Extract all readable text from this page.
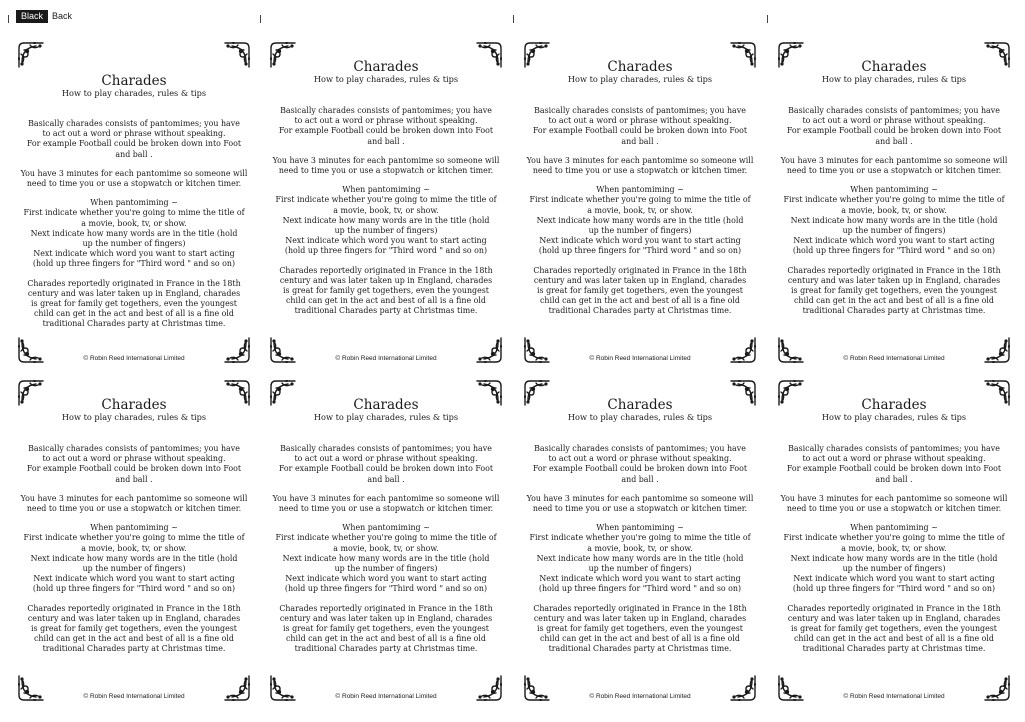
Black Back
Charades
How to play charades, rules & tips

Basically charades consists of pantomimes; you have
to act out a word or phrase without speaking.
For example Football could be broken down into Foot
and ball .

You have 3 minutes for each pantomime so someone will
need to time you or use a stopwatch or kitchen timer.

When pantomiming ~
First indicate whether you're going to mime the title of
a movie, book, tv, or show.
Next indicate how many words are in the title (hold
up the number of fingers)
Next indicate which word you want to start acting
(hold up three fingers for "Third word " and so on)

Charades reportedly originated in France in the 18th
century and was later taken up in England, charades
is great for family get togethers, even the youngest
child can get in the act and best of all is a fine old
traditional Charades party at Christmas time.

© Robin Reed International Limited
Charades
How to play charades, rules & tips

Basically charades consists of pantomimes; you have
to act out a word or phrase without speaking.
For example Football could be broken down into Foot
and ball .

You have 3 minutes for each pantomime so someone will
need to time you or use a stopwatch or kitchen timer.

When pantomiming ~
First indicate whether you're going to mime the title of
a movie, book, tv, or show.
Next indicate how many words are in the title (hold
up the number of fingers)
Next indicate which word you want to start acting
(hold up three fingers for "Third word " and so on)

Charades reportedly originated in France in the 18th
century and was later taken up in England, charades
is great for family get togethers, even the youngest
child can get in the act and best of all is a fine old
traditional Charades party at Christmas time.

© Robin Reed International Limited
Charades
How to play charades, rules & tips

Basically charades consists of pantomimes; you have
to act out a word or phrase without speaking.
For example Football could be broken down into Foot
and ball .

You have 3 minutes for each pantomime so someone will
need to time you or use a stopwatch or kitchen timer.

When pantomiming ~
First indicate whether you're going to mime the title of
a movie, book, tv, or show.
Next indicate how many words are in the title (hold
up the number of fingers)
Next indicate which word you want to start acting
(hold up three fingers for "Third word " and so on)

Charades reportedly originated in France in the 18th
century and was later taken up in England, charades
is great for family get togethers, even the youngest
child can get in the act and best of all is a fine old
traditional Charades party at Christmas time.

© Robin Reed International Limited
Charades
How to play charades, rules & tips

Basically charades consists of pantomimes; you have
to act out a word or phrase without speaking.
For example Football could be broken down into Foot
and ball .

You have 3 minutes for each pantomime so someone will
need to time you or use a stopwatch or kitchen timer.

When pantomiming ~
First indicate whether you're going to mime the title of
a movie, book, tv, or show.
Next indicate how many words are in the title (hold
up the number of fingers)
Next indicate which word you want to start acting
(hold up three fingers for "Third word " and so on)

Charades reportedly originated in France in the 18th
century and was later taken up in England, charades
is great for family get togethers, even the youngest
child can get in the act and best of all is a fine old
traditional Charades party at Christmas time.

© Robin Reed International Limited
Charades
How to play charades, rules & tips

Basically charades consists of pantomimes; you have
to act out a word or phrase without speaking.
For example Football could be broken down into Foot
and ball .

You have 3 minutes for each pantomime so someone will
need to time you or use a stopwatch or kitchen timer.

When pantomiming ~
First indicate whether you're going to mime the title of
a movie, book, tv, or show.
Next indicate how many words are in the title (hold
up the number of fingers)
Next indicate which word you want to start acting
(hold up three fingers for "Third word " and so on)

Charades reportedly originated in France in the 18th
century and was later taken up in England, charades
is great for family get togethers, even the youngest
child can get in the act and best of all is a fine old
traditional Charades party at Christmas time.

© Robin Reed International Limited
Charades
How to play charades, rules & tips

Basically charades consists of pantomimes; you have
to act out a word or phrase without speaking.
For example Football could be broken down into Foot
and ball .

You have 3 minutes for each pantomime so someone will
need to time you or use a stopwatch or kitchen timer.

When pantomiming ~
First indicate whether you're going to mime the title of
a movie, book, tv, or show.
Next indicate how many words are in the title (hold
up the number of fingers)
Next indicate which word you want to start acting
(hold up three fingers for "Third word " and so on)

Charades reportedly originated in France in the 18th
century and was later taken up in England, charades
is great for family get togethers, even the youngest
child can get in the act and best of all is a fine old
traditional Charades party at Christmas time.

© Robin Reed International Limited
Charades
How to play charades, rules & tips

Basically charades consists of pantomimes; you have
to act out a word or phrase without speaking.
For example Football could be broken down into Foot
and ball .

You have 3 minutes for each pantomime so someone will
need to time you or use a stopwatch or kitchen timer.

When pantomiming ~
First indicate whether you're going to mime the title of
a movie, book, tv, or show.
Next indicate how many words are in the title (hold
up the number of fingers)
Next indicate which word you want to start acting
(hold up three fingers for "Third word " and so on)

Charades reportedly originated in France in the 18th
century and was later taken up in England, charades
is great for family get togethers, even the youngest
child can get in the act and best of all is a fine old
traditional Charades party at Christmas time.

© Robin Reed International Limited
Charades
How to play charades, rules & tips

Basically charades consists of pantomimes; you have
to act out a word or phrase without speaking.
For example Football could be broken down into Foot
and ball .

You have 3 minutes for each pantomime so someone will
need to time you or use a stopwatch or kitchen timer.

When pantomiming ~
First indicate whether you're going to mime the title of
a movie, book, tv, or show.
Next indicate how many words are in the title (hold
up the number of fingers)
Next indicate which word you want to start acting
(hold up three fingers for "Third word " and so on)

Charades reportedly originated in France in the 18th
century and was later taken up in England, charades
is great for family get togethers, even the youngest
child can get in the act and best of all is a fine old
traditional Charades party at Christmas time.

© Robin Reed International Limited
